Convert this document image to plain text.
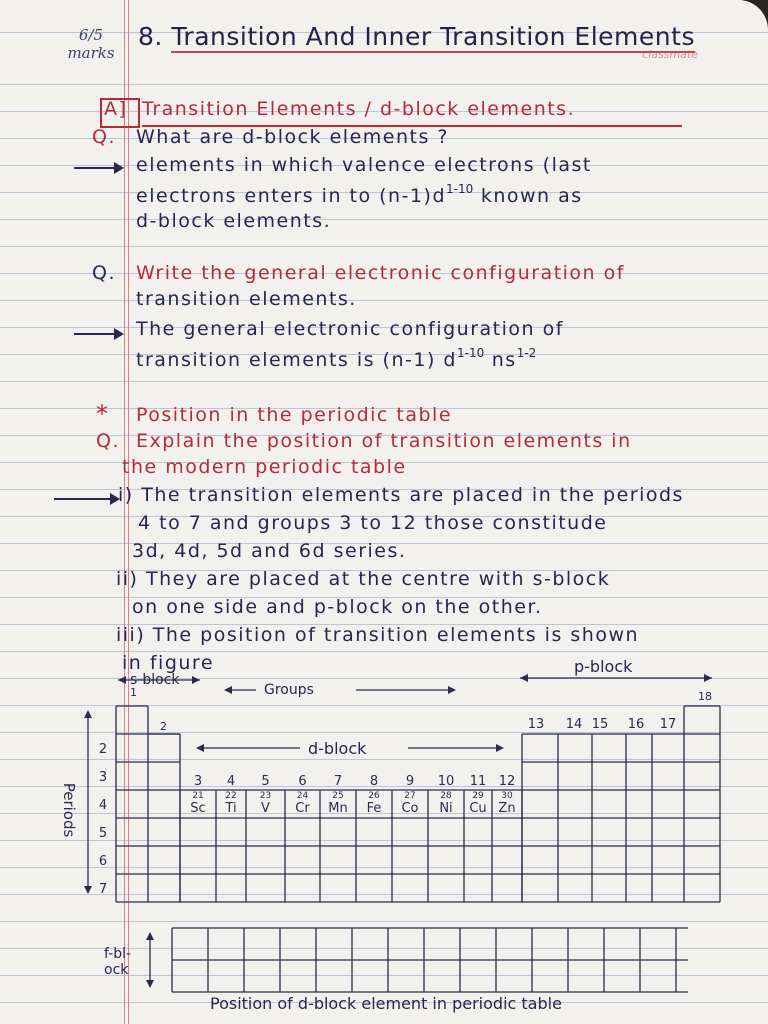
6/5 marks	classmate
8. Transition And Inner Transition Elements
A] Transition Elements / d-block elements.
Q. What are d-block elements ?
elements in which valence electrons (last
electrons enters in to $(n-1)d^{1-10}$ known as
d-block elements.
Q. Write the general electronic configuration of
transition elements.
The general electronic configuration of
transition elements is (n-1) $d^{1-10}$ $ns^{1-2}$
* Position in the periodic table
Q. Explain the position of transition elements in
the modern periodic table
i) The transition elements are placed in the periods
4 to 7 and groups 3 to 12 those constitude
3d, 4d, 5d and 6d series.
ii) They are placed at the centre with s-block
on one side and p-block on the other.
iii) The position of transition elements is shown
in figure
s-block
p-block
Groups
d-block
2
18
1
Position of d-block element in periodic table
f-bl-ock
Periods
2
3
4
5
6
7
13 14 15 16 17
3 4 5 6 7 8 9 10 11 12
21 22	23	24	25	26	27	28 29 30
Sc Ti V Cr Mn Fe Co Ni Cu Zn
